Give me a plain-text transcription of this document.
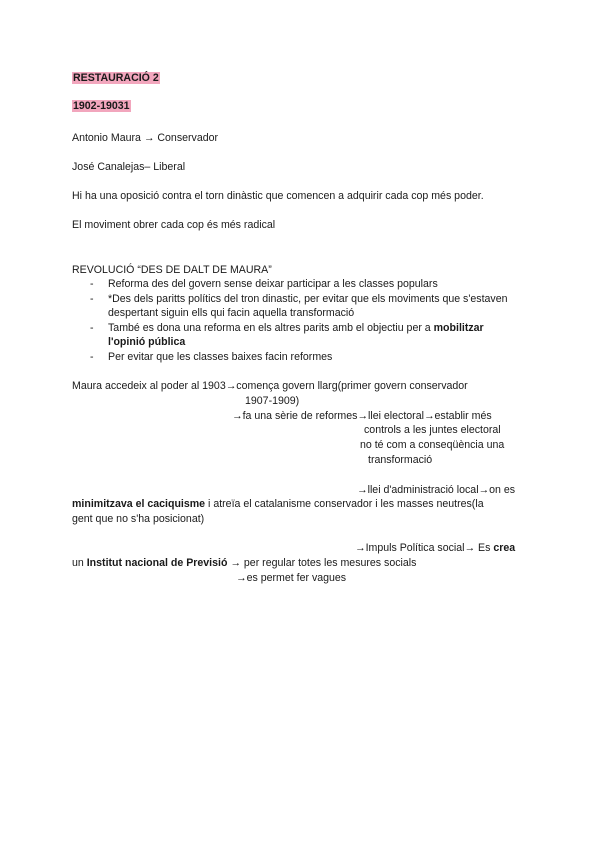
RESTAURACIÓ 2
1902-19031
Antonio Maura → Conservador
José Canalejas– Liberal
Hi ha una oposició contra el torn dinàstic que comencen a adquirir cada cop més poder.
El moviment obrer cada cop és més radical
REVOLUCIÓ “DES DE DALT DE MAURA”
- Reforma des del govern sense deixar participar a les classes populars
- *Des dels paritts polítics del tron dinastic, per evitar que els moviments que s'estaven
despertant siguin ells qui facin aquella transformació
- També es dona una reforma en els altres parits amb el objectiu per a mobilitzar
l'opinió pública
- Per evitar que les classes baixes facin reformes
Maura accedeix al poder al 1903→comença govern llarg(primer govern conservador
1907-1909)
→fa una sèrie de reformes→llei electoral→establir més
controls a les juntes electoral
no té com a conseqüència una
transformació
→llei d'administració local→on es
minimitzava el caciquisme i atreïa el catalanisme conservador i les masses neutres(la
gent que no s'ha posicionat)
→Impuls Política social→ Es crea
un Institut nacional de Previsió → per regular totes les mesures socials
→es permet fer vagues
